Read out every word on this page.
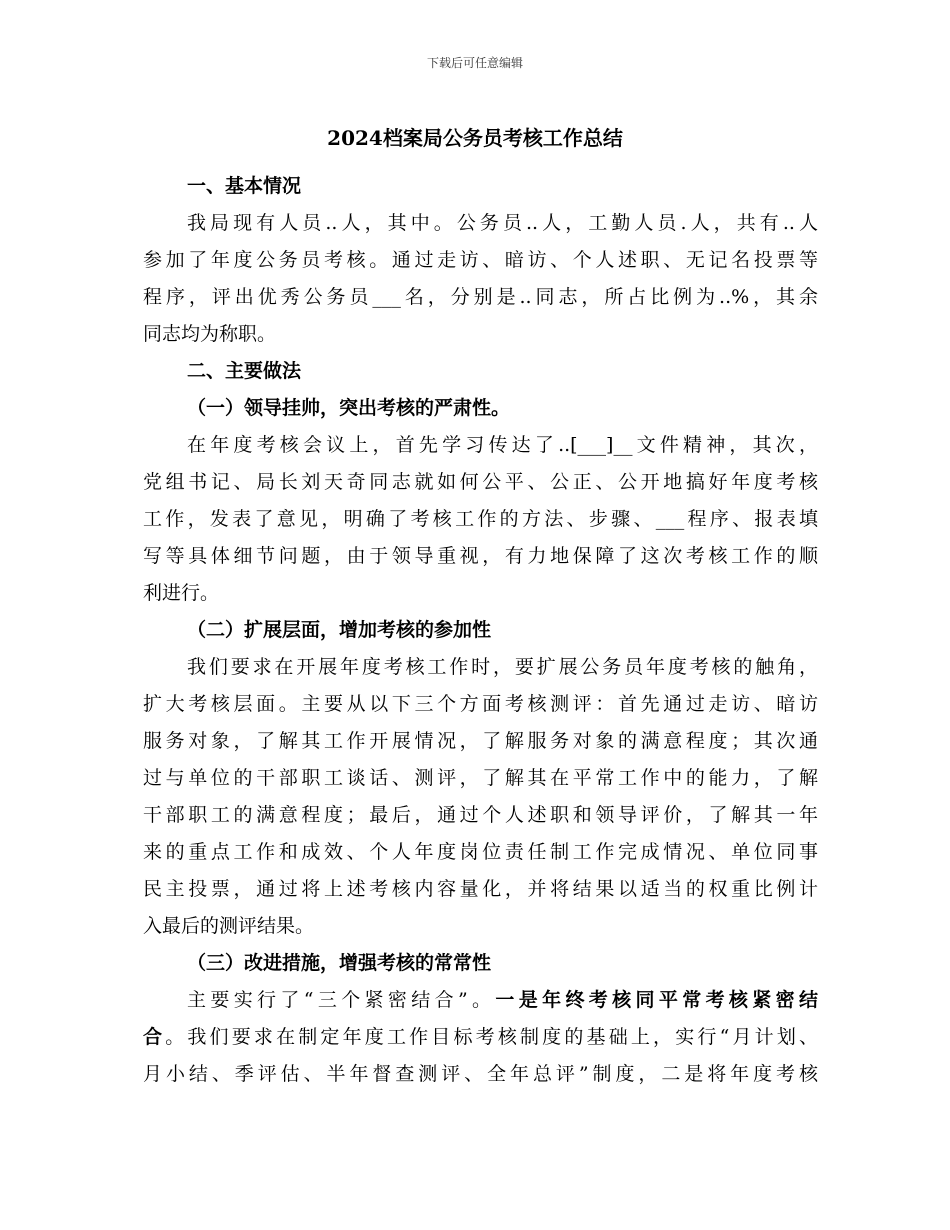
下载后可任意编辑
2024档案局公务员考核工作总结
一、基本情况
我局现有人员..人，其中。公务员..人，工勤人员.人，共有..人
参加了年度公务员考核。通过走访、暗访、个人述职、无记名投票等
程序，评出优秀公务员___名，分别是..同志，所占比例为..%，其余
同志均为称职。
二、主要做法
（一）领导挂帅，突出考核的严肃性。
在年度考核会议上，首先学习传达了..[___]__文件精神，其次，
党组书记、局长刘天奇同志就如何公平、公正、公开地搞好年度考核
工作，发表了意见，明确了考核工作的方法、步骤、___程序、报表填
写等具体细节问题，由于领导重视，有力地保障了这次考核工作的顺
利进行。
（二）扩展层面，增加考核的参加性
我们要求在开展年度考核工作时，要扩展公务员年度考核的触角，
扩大考核层面。主要从以下三个方面考核测评：首先通过走访、暗访
服务对象，了解其工作开展情况，了解服务对象的满意程度；其次通
过与单位的干部职工谈话、测评，了解其在平常工作中的能力，了解
干部职工的满意程度；最后，通过个人述职和领导评价，了解其一年
来的重点工作和成效、个人年度岗位责任制工作完成情况、单位同事
民主投票，通过将上述考核内容量化，并将结果以适当的权重比例计
入最后的测评结果。
（三）改进措施，增强考核的常常性
主要实行了“三个紧密结合”。一是年终考核同平常考核紧密结
合。我们要求在制定年度工作目标考核制度的基础上，实行“月计划、
月小结、季评估、半年督查测评、全年总评”制度，二是将年度考核
